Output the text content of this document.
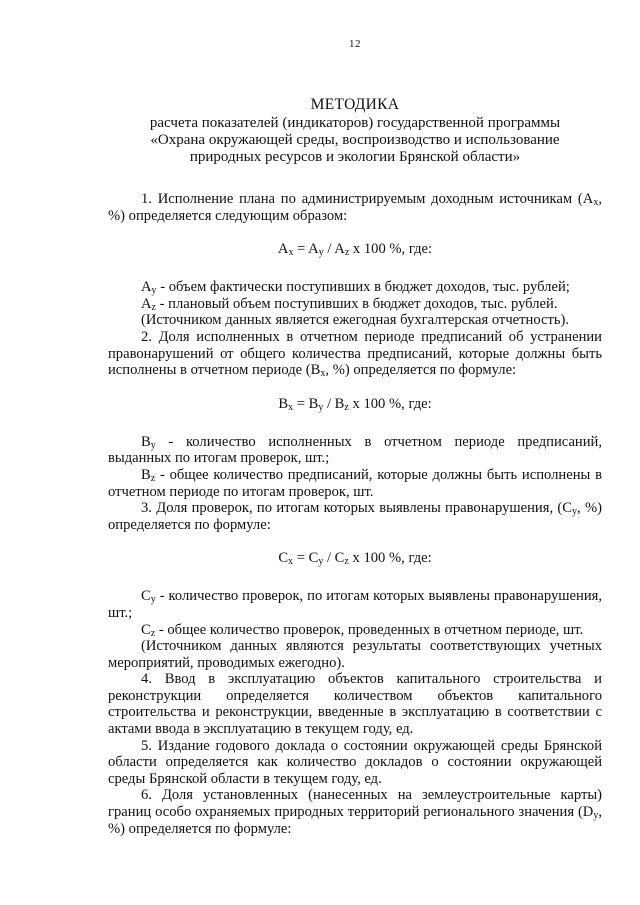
12

МЕТОДИКА

расчета показателей (индикаторов) государственной программы

«Охрана окружающей среды, воспроизводство и использование

природных ресурсов и экологии Брянской области»

1. Исполнение плана по администрируемым доходным источникам ($A_x$, %) определяется следующим образом:

$A_x = A_y / A_z$ x 100 %, где:

$A_y$ - объем фактически поступивших в бюджет доходов, тыс. рублей;

$A_z$ - плановый объем поступивших в бюджет доходов, тыс. рублей.

(Источником данных является ежегодная бухгалтерская отчетность).

2. Доля исполненных в отчетном периоде предписаний об устранении правонарушений от общего количества предписаний, которые должны быть исполнены в отчетном периоде ($B_x$, %) определяется по формуле:

$B_x = B_y / B_z$ x 100 %, где:

$B_y$ - количество исполненных в отчетном периоде предписаний, выданных по итогам проверок, шт.;

$B_z$ - общее количество предписаний, которые должны быть исполнены в отчетном периоде по итогам проверок, шт.

3. Доля проверок, по итогам которых выявлены правонарушения, ($C_y$, %) определяется по формуле:

$C_x = C_y / C_z$ x 100 %, где:

$C_y$ - количество проверок, по итогам которых выявлены правонарушения, шт.;

$C_z$ - общее количество проверок, проведенных в отчетном периоде, шт.

(Источником данных являются результаты соответствующих учетных мероприятий, проводимых ежегодно).

4. Ввод в эксплуатацию объектов капитального строительства и реконструкции определяется количеством объектов капитального строительства и реконструкции, введенные в эксплуатацию в соответствии с актами ввода в эксплуатацию в текущем году, ед.

5. Издание годового доклада о состоянии окружающей среды Брянской области определяется как количество докладов о состоянии окружающей среды Брянской области в текущем году, ед.

6. Доля установленных (нанесенных на землеустроительные карты) границ особо охраняемых природных территорий регионального значения ($D_y$, %) определяется по формуле:
